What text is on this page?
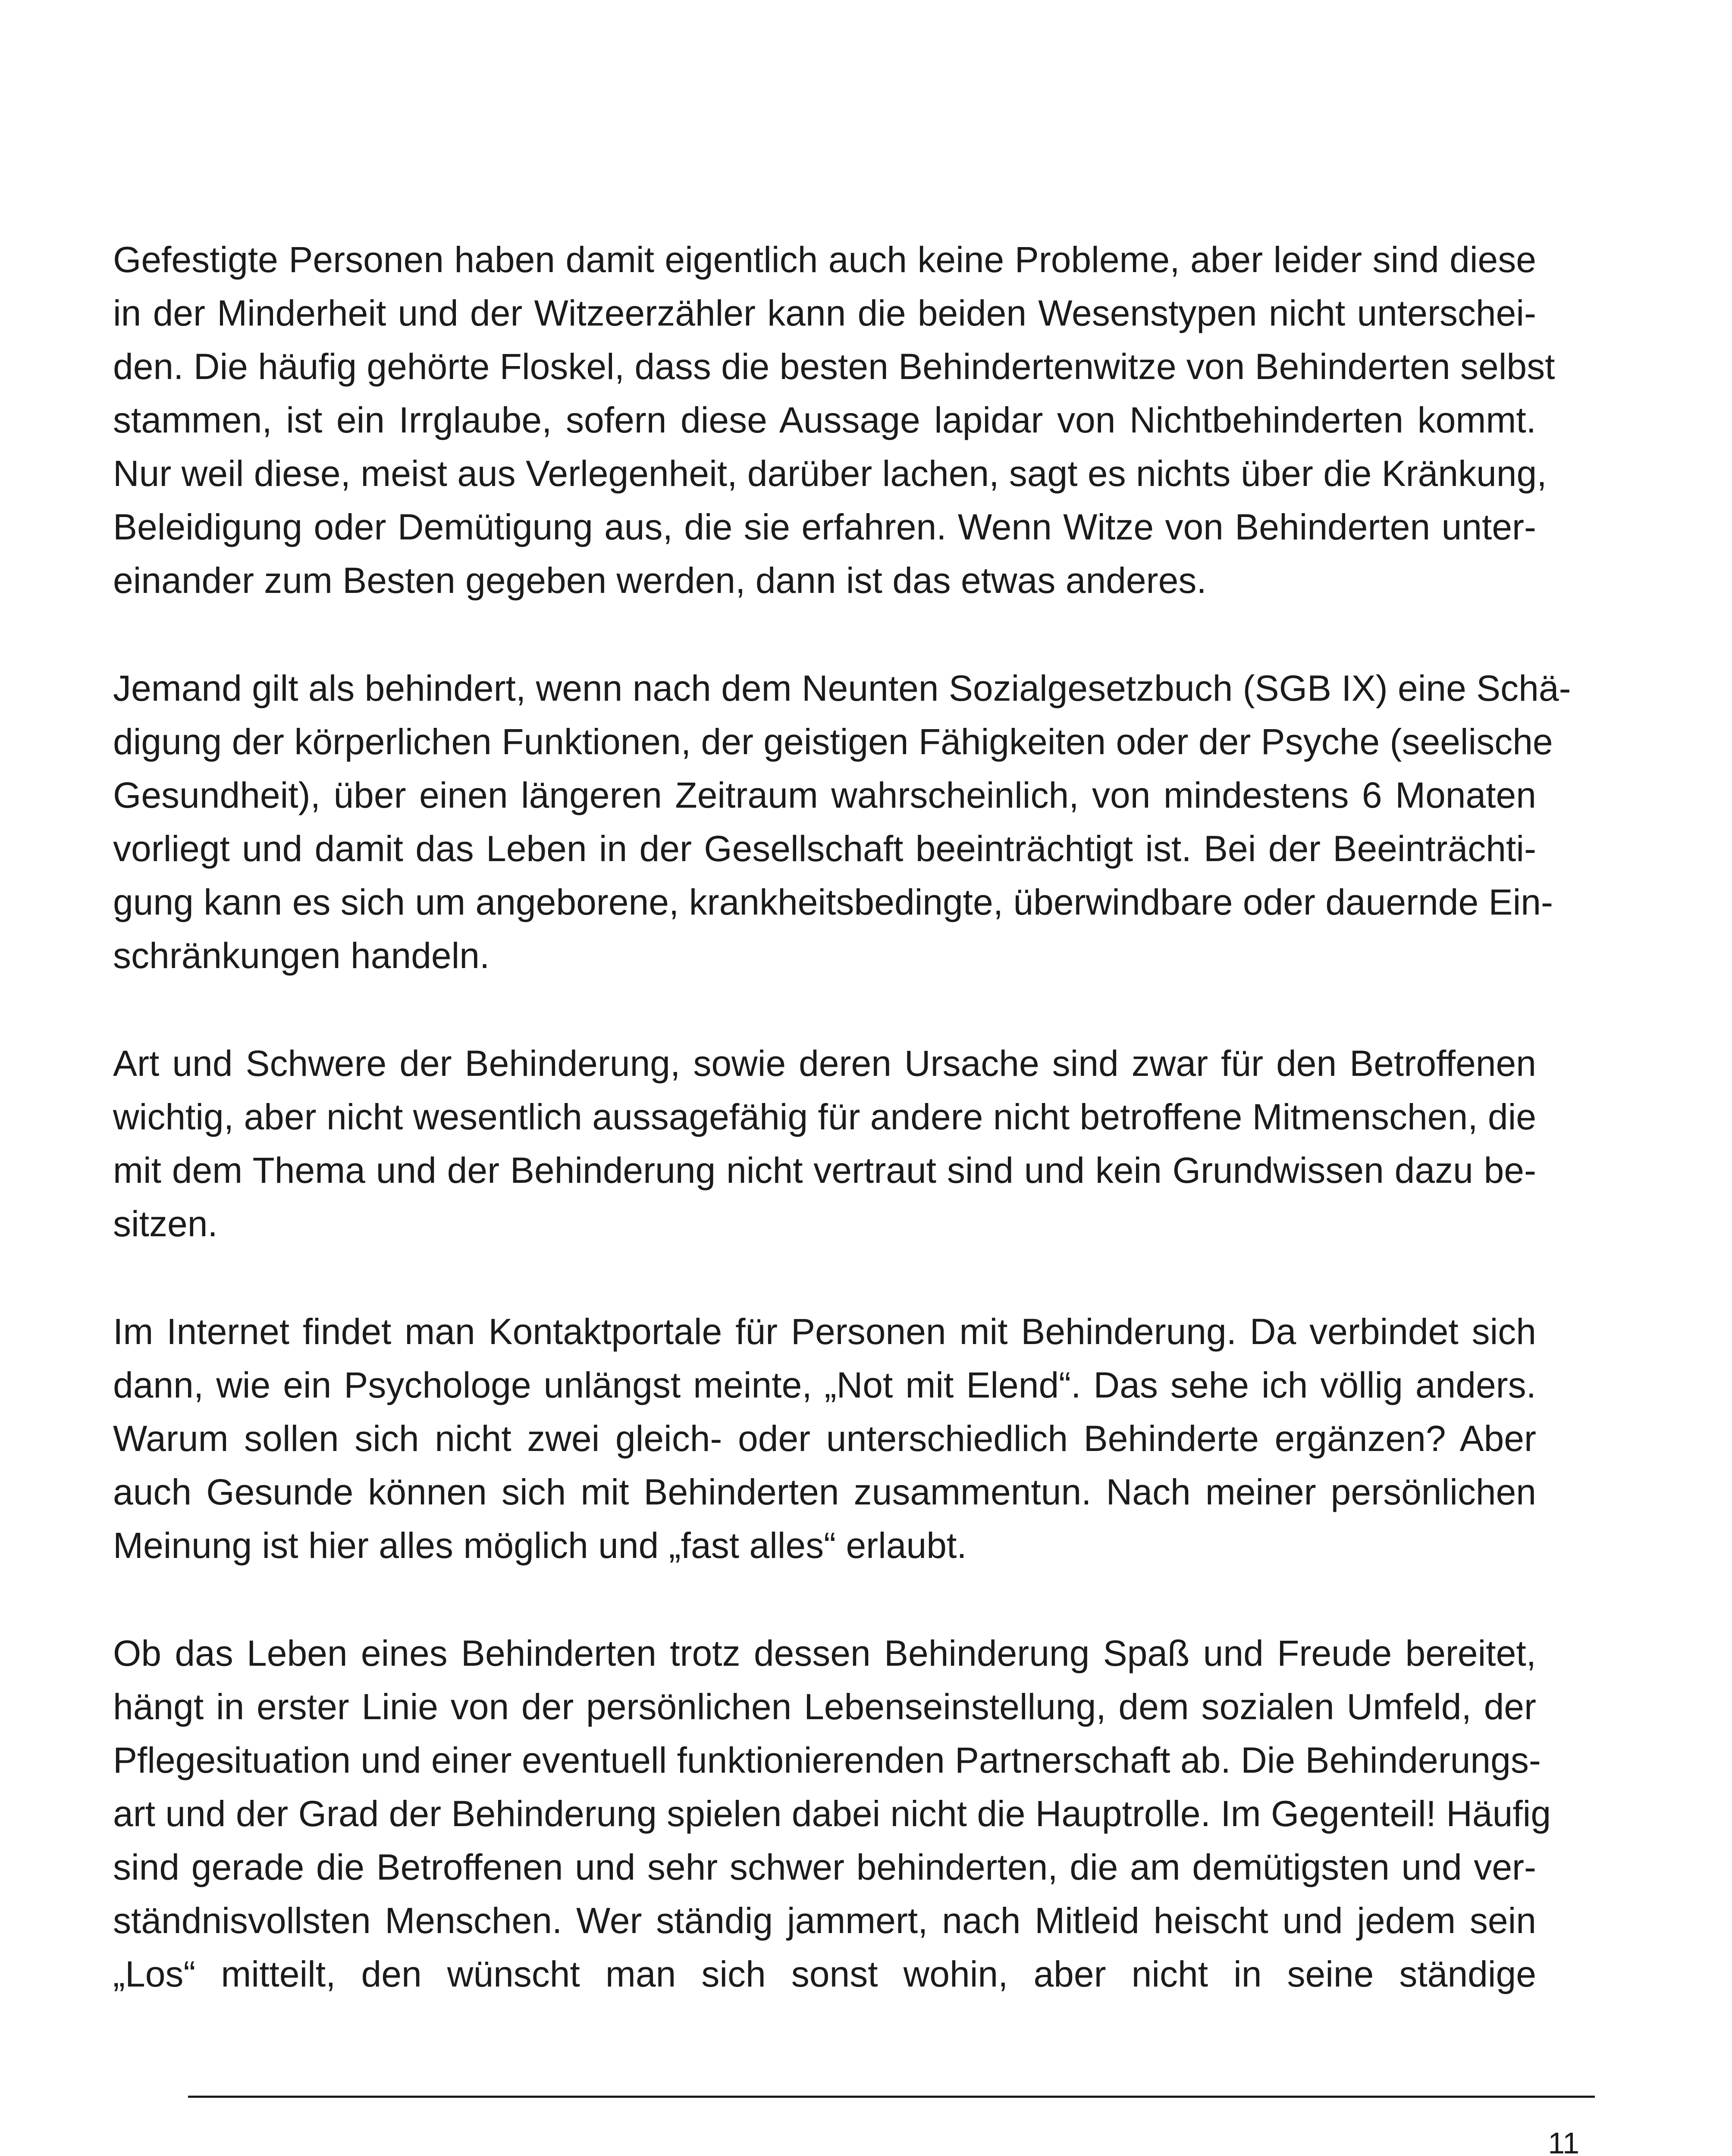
Gefestigte Personen haben damit eigentlich auch keine Probleme, aber leider sind diese
in der Minderheit und der Witzeerzähler kann die beiden Wesenstypen nicht unterschei-
den. Die häufig gehörte Floskel, dass die besten Behindertenwitze von Behinderten selbst
stammen, ist ein Irrglaube, sofern diese Aussage lapidar von Nichtbehinderten kommt.
Nur weil diese, meist aus Verlegenheit, darüber lachen, sagt es nichts über die Kränkung,
Beleidigung oder Demütigung aus, die sie erfahren. Wenn Witze von Behinderten unter-
einander zum Besten gegeben werden, dann ist das etwas anderes.
Jemand gilt als behindert, wenn nach dem Neunten Sozialgesetzbuch (SGB IX) eine Schä-
digung der körperlichen Funktionen, der geistigen Fähigkeiten oder der Psyche (seelische
Gesundheit), über einen längeren Zeitraum wahrscheinlich, von mindestens 6 Monaten
vorliegt und damit das Leben in der Gesellschaft beeinträchtigt ist. Bei der Beeinträchti-
gung kann es sich um angeborene, krankheitsbedingte, überwindbare oder dauernde Ein-
schränkungen handeln.
Art und Schwere der Behinderung, sowie deren Ursache sind zwar für den Betroffenen
wichtig, aber nicht wesentlich aussagefähig für andere nicht betroffene Mitmenschen, die
mit dem Thema und der Behinderung nicht vertraut sind und kein Grundwissen dazu be-
sitzen.
Im Internet findet man Kontaktportale für Personen mit Behinderung. Da verbindet sich
dann, wie ein Psychologe unlängst meinte, „Not mit Elend“. Das sehe ich völlig anders.
Warum sollen sich nicht zwei gleich- oder unterschiedlich Behinderte ergänzen? Aber
auch Gesunde können sich mit Behinderten zusammentun. Nach meiner persönlichen
Meinung ist hier alles möglich und „fast alles“ erlaubt.
Ob das Leben eines Behinderten trotz dessen Behinderung Spaß und Freude bereitet,
hängt in erster Linie von der persönlichen Lebenseinstellung, dem sozialen Umfeld, der
Pflegesituation und einer eventuell funktionierenden Partnerschaft ab. Die Behinderungs-
art und der Grad der Behinderung spielen dabei nicht die Hauptrolle. Im Gegenteil! Häufig
sind gerade die Betroffenen und sehr schwer behinderten, die am demütigsten und ver-
ständnisvollsten Menschen. Wer ständig jammert, nach Mitleid heischt und jedem sein
„Los“ mitteilt, den wünscht man sich sonst wohin, aber nicht in seine ständige
11
